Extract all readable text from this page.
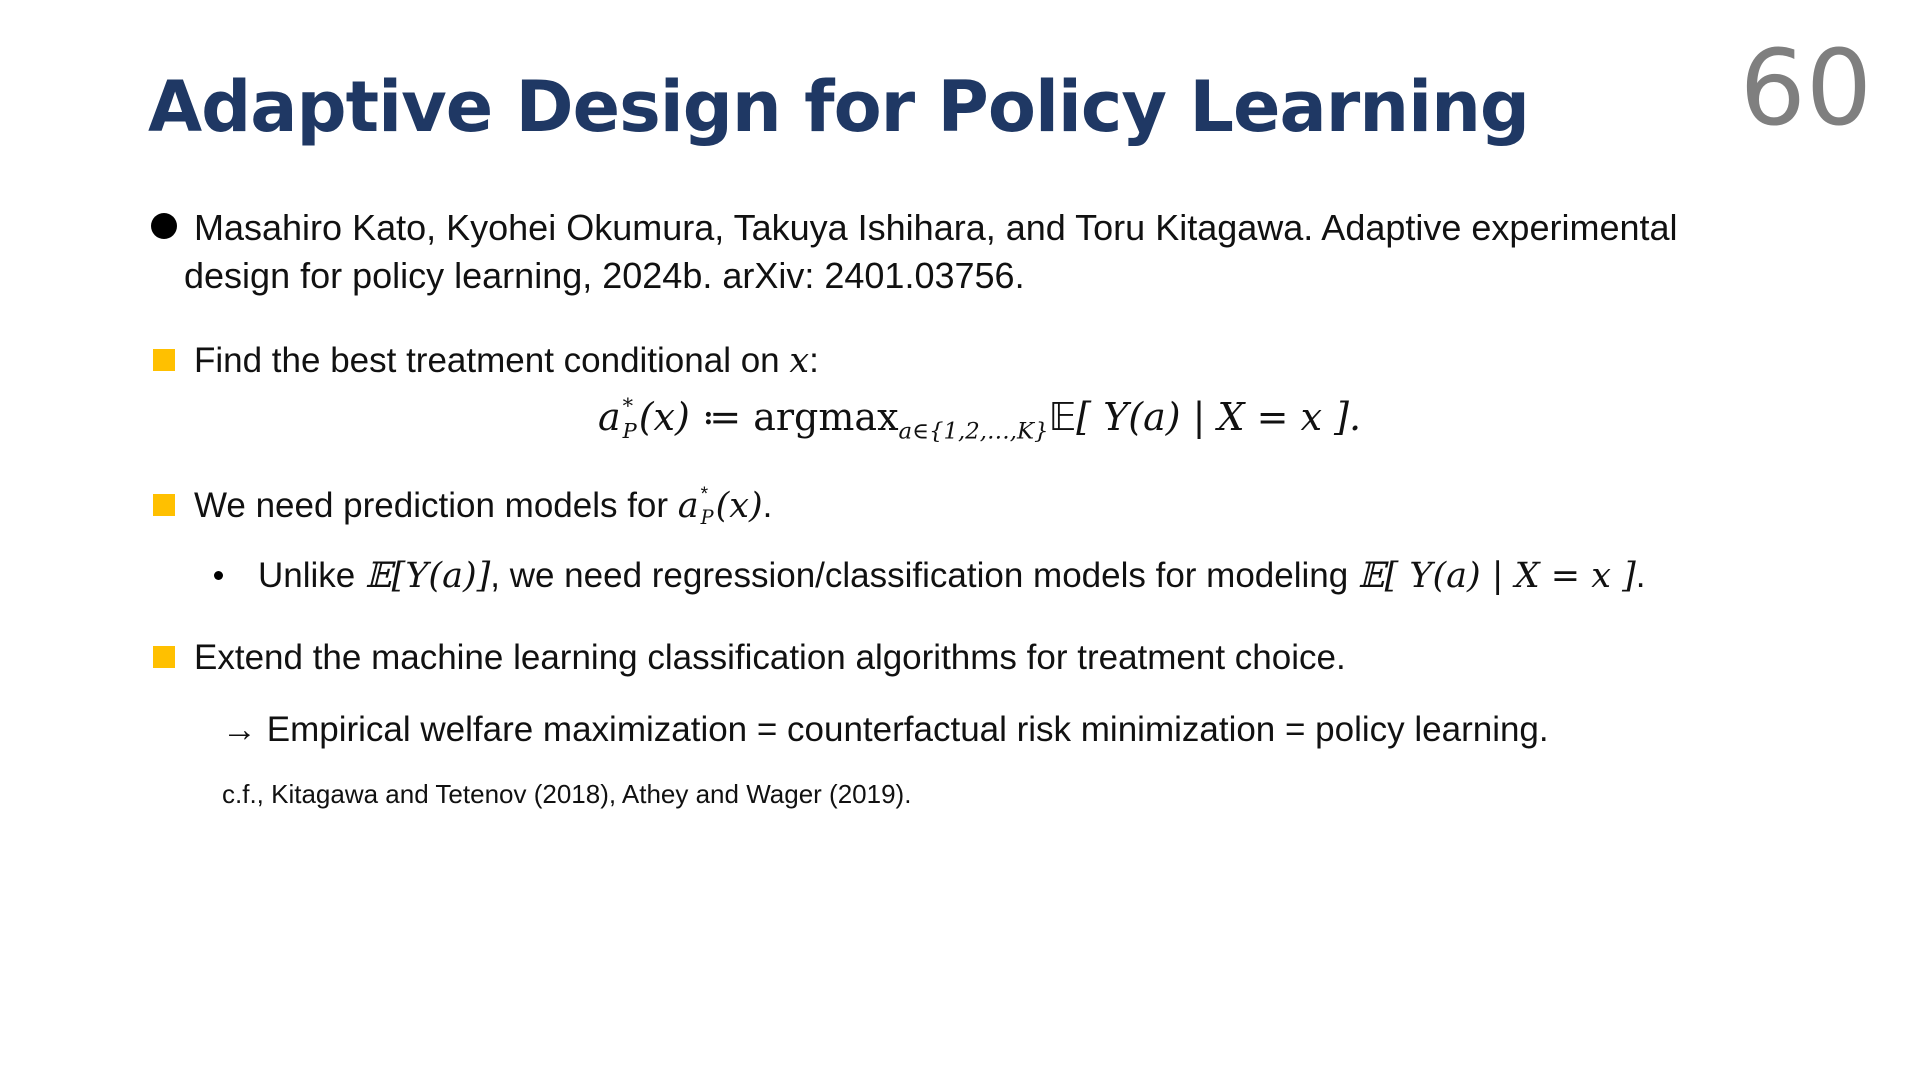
Adaptive Design for Policy Learning 60
Masahiro Kato, Kyohei Okumura, Takuya Ishihara, and Toru Kitagawa. Adaptive experimental
design for policy learning, 2024b. arXiv: 2401.03756.
Find the best treatment conditional on x:
a *
P (x) ≔ argmax$_{a\in\{1,2,\dots,K\}}$𝔼[ Y(a) | X = x ].
We need prediction models for a *
P (x).
Unlike 𝔼[Y(a)], we need regression/classification models for modeling 𝔼[ Y(a) | X = x ].
Extend the machine learning classification algorithms for treatment choice.
→ Empirical welfare maximization = counterfactual risk minimization = policy learning.
c.f., Kitagawa and Tetenov (2018), Athey and Wager (2019).
